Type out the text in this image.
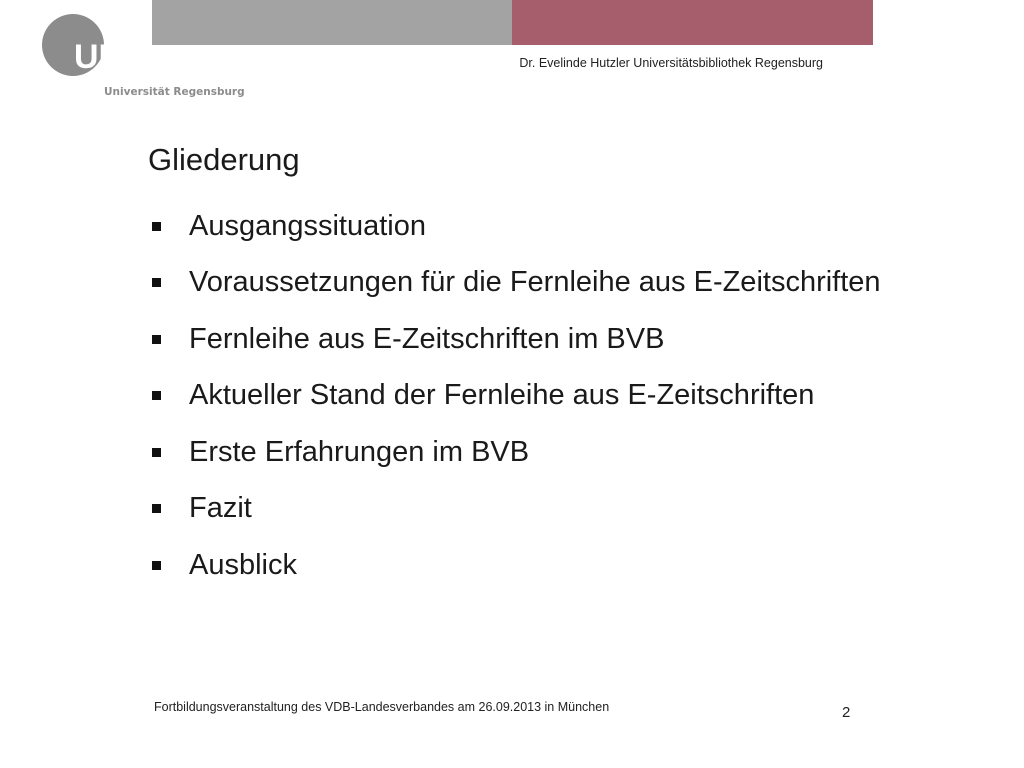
UR
Universität Regensburg
Dr. Evelinde Hutzler Universitätsbibliothek Regensburg
Gliederung
Ausgangssituation
Voraussetzungen für die Fernleihe aus E-Zeitschriften
Fernleihe aus E-Zeitschriften im BVB
Aktueller Stand der Fernleihe aus E-Zeitschriften
Erste Erfahrungen im BVB
Fazit
Ausblick
Fortbildungsveranstaltung des VDB-Landesverbandes am 26.09.2013 in München	2
